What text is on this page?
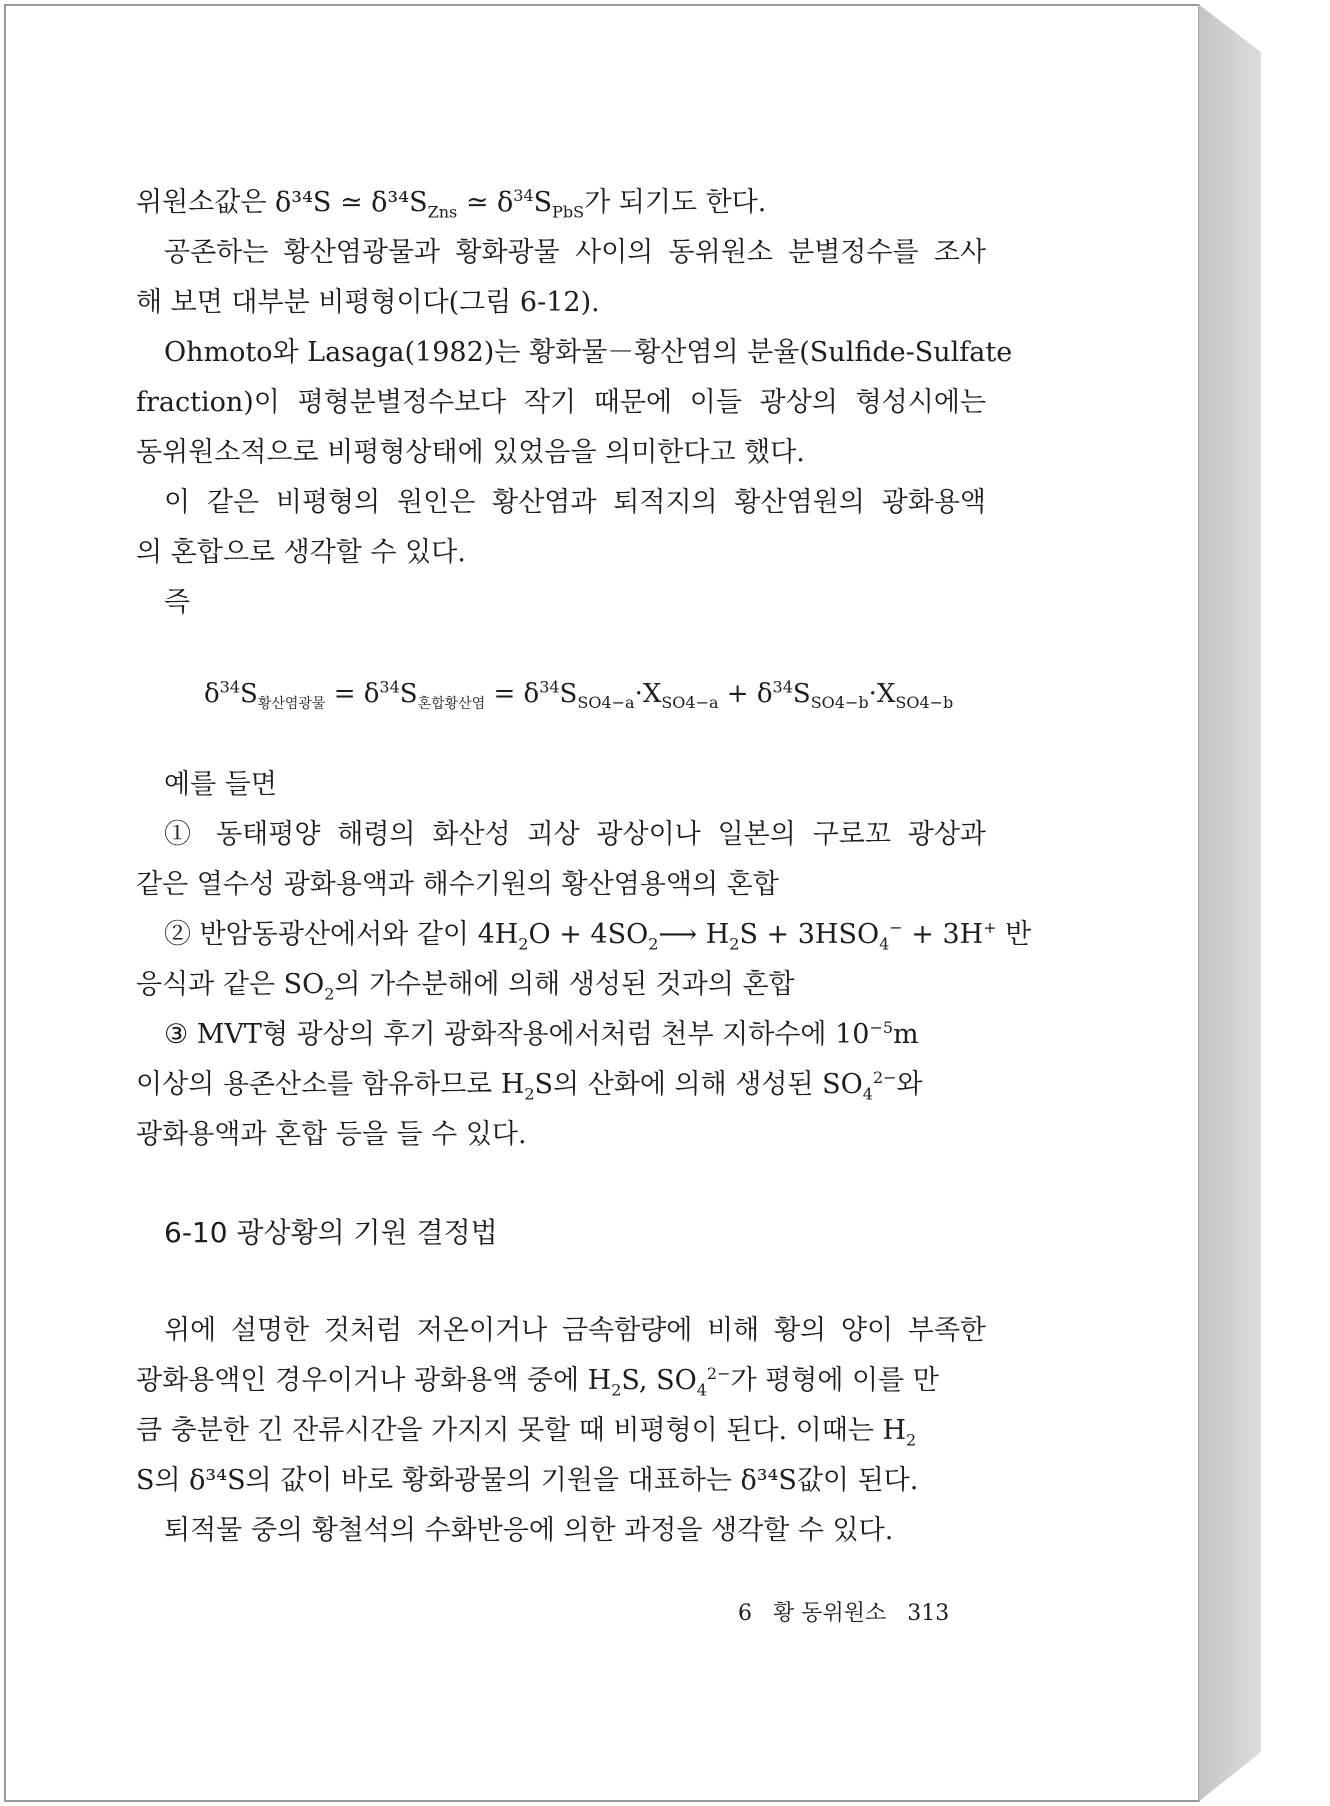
위원소값은 δ³⁴S ≃ $\delta^{34}S_{Zns}$ ≃ $\delta^{34}S_{PbS}$가 되기도 한다.
공존하는 황산염광물과 황화광물 사이의 동위원소 분별정수를 조사
해 보면 대부분 비평형이다(그림 6-12).
Ohmoto와 Lasaga(1982)는 황화물－황산염의 분율(Sulfide-Sulfate
fraction)이 평형분별정수보다 작기 때문에 이들 광상의 형성시에는
동위원소적으로 비평형상태에 있었음을 의미한다고 했다.
이 같은 비평형의 원인은 황산염과 퇴적지의 황산염원의 광화용액
의 혼합으로 생각할 수 있다.
즉
$\delta^{34}S_{황산염광물} = \delta^{34}S_{혼합황산염} = \delta^{34}S_{SO4-a}\cdot X_{SO4-a} + \delta^{34}S_{SO4-b}\cdot X_{SO4-b}$
예를 들면
① 동태평양 해령의 화산성 괴상 광상이나 일본의 구로꼬 광상과
같은 열수성 광화용액과 해수기원의 황산염용액의 혼합
② 반암동광산에서와 같이 $4H_2O$ + $4SO_2⟶$ $H_2S + 3HSO_4^- + 3H^+$ 반
응식과 같은 $SO_2$의 가수분해에 의해 생성된 것과의 혼합
③ MVT형 광상의 후기 광화작용에서처럼 천부 지하수에 $10^{-5}m$
이상의 용존산소를 함유하므로 $H_2S$의 산화에 의해 생성된 $SO_4^{2-}$와
광화용액과 혼합 등을 들 수 있다.
6-10 광상황의 기원 결정법
위에 설명한 것처럼 저온이거나 금속함량에 비해 황의 양이 부족한
광화용액인 경우이거나 광화용액 중에 $H_2S$, $SO_4^{2-}$가 평형에 이를 만
큼 충분한 긴 잔류시간을 가지지 못할 때 비평형이 된다. 이때는 $H_2$
S의 δ³⁴S의 값이 바로 황화광물의 기원을 대표하는 δ³⁴S값이 된다.
퇴적물 중의 황철석의 수화반응에 의한 과정을 생각할 수 있다.
6 황 동위원소 313
